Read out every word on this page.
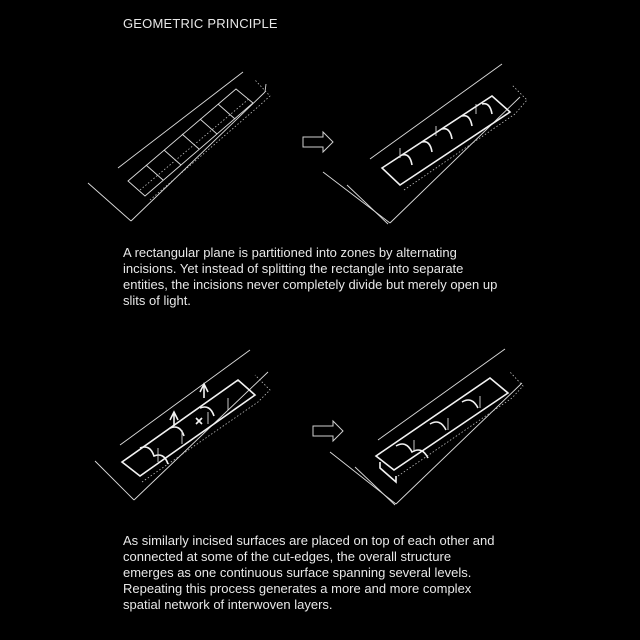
GEOMETRIC PRINCIPLE
A rectangular plane is partitioned into zones by alternating incisions. Yet instead of splitting the rectangle into separate entities, the incisions never completely divide but merely open up slits of light.
As similarly incised surfaces are placed on top of each other and connected at some of the cut-edges, the overall structure emerges as one continuous surface spanning several levels. Repeating this process generates a more and more complex spatial network of interwoven layers.
